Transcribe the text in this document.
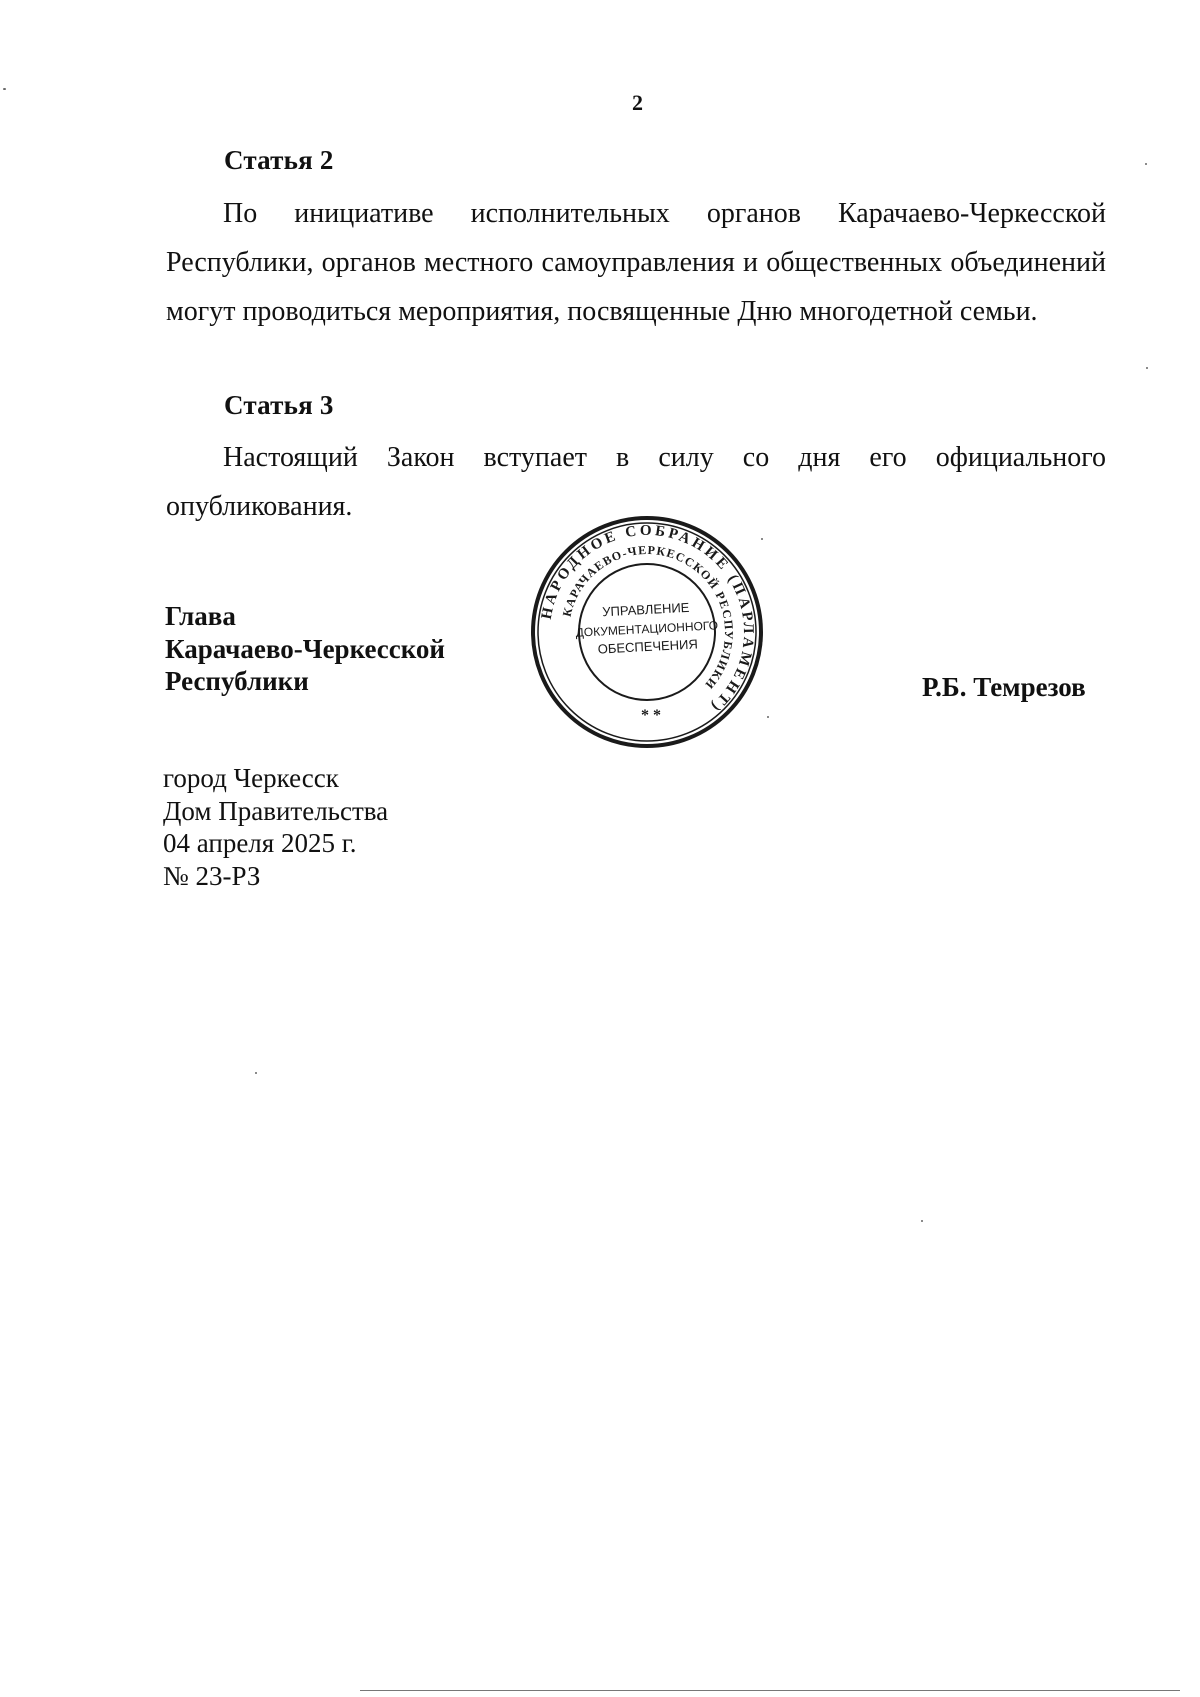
2
Статья 2

По инициативе исполнительных органов Карачаево-Черкесской

Республики, органов местного самоуправления и общественных объединений

могут проводиться мероприятия, посвященные Дню многодетной семьи.

Статья 3

Настоящий Закон вступает в силу со дня его официального

опубликования.

Глава
Карачаево-Черкесской
Республики	Р.Б. Темрезов
НАРОДНОЕ СОБРАНИЕ (ПАРЛАМЕНТ)
КАРАЧАЕВО-ЧЕРКЕССКОЙ РЕСПУБЛИКИ
УПРАВЛЕНИЕ
ДОКУМЕНТАЦИОННОГО
ОБЕСПЕЧЕНИЯ
* *
город Черкесск
Дом Правительства
04 апреля 2025 г.
№ 23-РЗ
